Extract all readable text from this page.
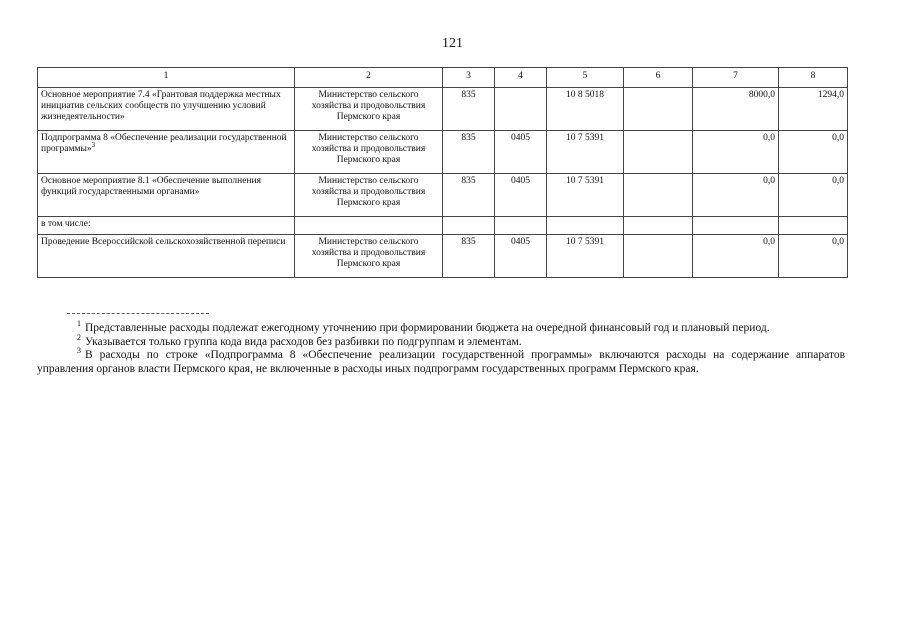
121
1	2	3	4	5	6	7	8
Основное мероприятие 7.4 «Грантовая поддержка местных инициатив сельских сообществ по улучшению условий жизнедеятельности»	Министерство сельского хозяйства и продовольствия Пермского края	835		10 8 5018		8000,0	1294,0
Подпрограмма 8 «Обеспечение реализации государственной программы»$^3$	Министерство сельского хозяйства и продовольствия Пермского края	835	0405	10 7 5391		0,0	0,0
Основное мероприятие 8.1 «Обеспечение выполнения функций государственными органами»	Министерство сельского хозяйства и продовольствия Пермского края	835	0405	10 7 5391		0,0	0,0
в том числе:							
Проведение Всероссийской сельскохозяйственной переписи	Министерство сельского хозяйства и продовольствия Пермского края	835	0405	10 7 5391		0,0	0,0

$^1$ Представленные расходы подлежат ежегодному уточнению при формировании бюджета на очередной финансовый год и плановый период.

$^2$ Указывается только группа кода вида расходов без разбивки по подгруппам и элементам.

$^3$ В расходы по строке «Подпрограмма 8 «Обеспечение реализации государственной программы» включаются расходы на содержание аппаратов управления органов власти Пермского края, не включенные в расходы иных подпрограмм государственных программ Пермского края.
